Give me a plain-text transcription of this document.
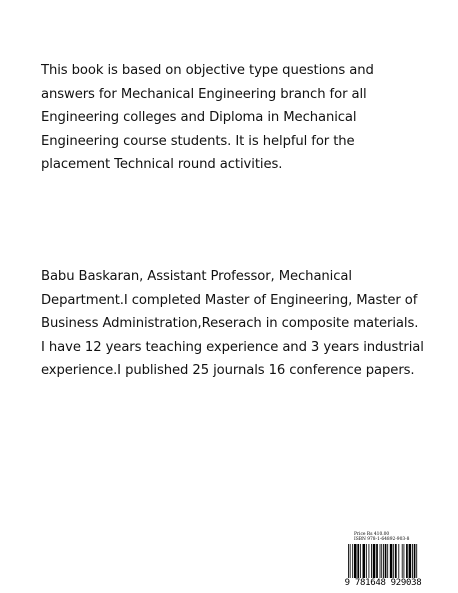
This book is based on objective type questions and
answers for Mechanical Engineering branch for all
Engineering colleges and Diploma in Mechanical
Engineering course students. It is helpful for the
placement Technical round activities.
Babu Baskaran, Assistant Professor, Mechanical
Department.I completed Master of Engineering, Master of
Business Administration,Reserach in composite materials.
I have 12 years teaching experience and 3 years industrial
experience.I published 25 journals 16 conference papers.
Price Rs 410.00
ISBN 978-1-64892-903-8
9 781648 929038
